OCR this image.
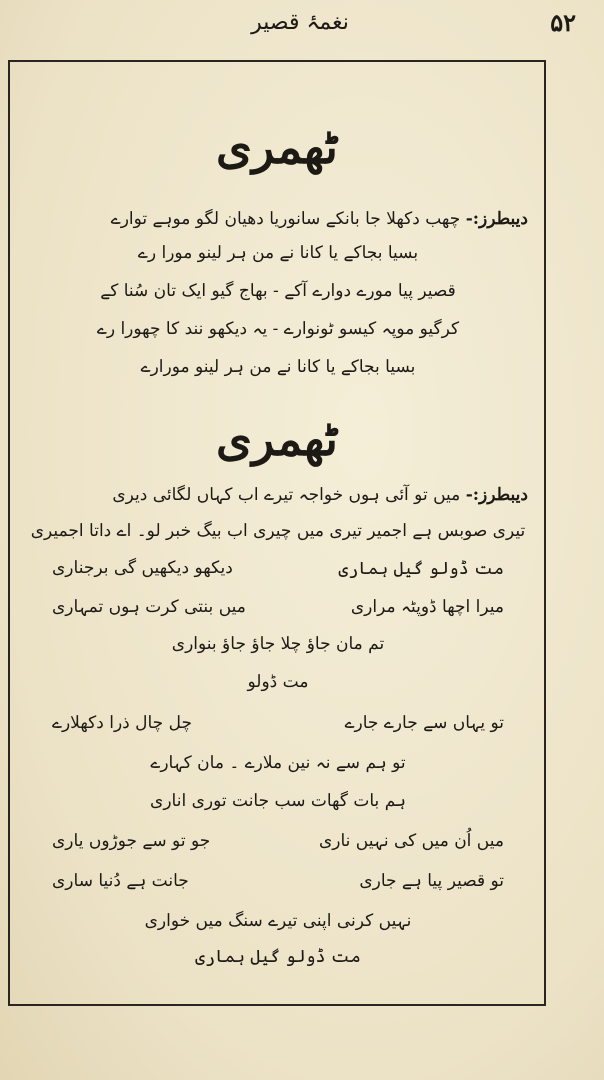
نغمۂ قصیر	۵۲
ٹھمری
دیبطرز:- چھب دکھلا جا بانکے سانوریا دھیان لگو موہے توارے
بسیا بجاکے یا کانا نے من ہر لینو مورا رے
قصیر پیا مورے دوارے آکے - بھاج گیو ایک تان سُنا کے
کرگیو موپہ کیسو ٹونوارے - یہ دیکھو نند کا چھورا رے
بسیا بجاکے یا کانا نے من ہر لینو مورارے
ٹھمری
دیبطرز:- میں تو آئی ہوں خواجہ تیرے اب کہاں لگائی دیری
تیری صوبس ہے اجمیر تیری میں چیری اب بیگ خبر لو۔ اے داتا اجمیری
مت ڈولو گیل ہماری
دیکھو دیکھیں گی برجناری
میرا اچھا ڈوپٹہ مراری
میں بنتی کرت ہوں تمہاری
تم مان جاؤ چلا جاؤ جاؤ بنواری
مت ڈولو
تو یہاں سے جارے جارے
چل چال ذرا دکھلارے
تو ہم سے نہ نین ملارے ۔ مان کہارے
ہم بات گھات سب جانت توری اناری
میں اُن میں کی نہیں ناری
جو تو سے جوڑوں یاری
تو قصیر پیا ہے جاری
جانت ہے دُنیا ساری
نہیں کرنی اپنی تیرے سنگ میں خواری
مت ڈولو گیل ہماری
